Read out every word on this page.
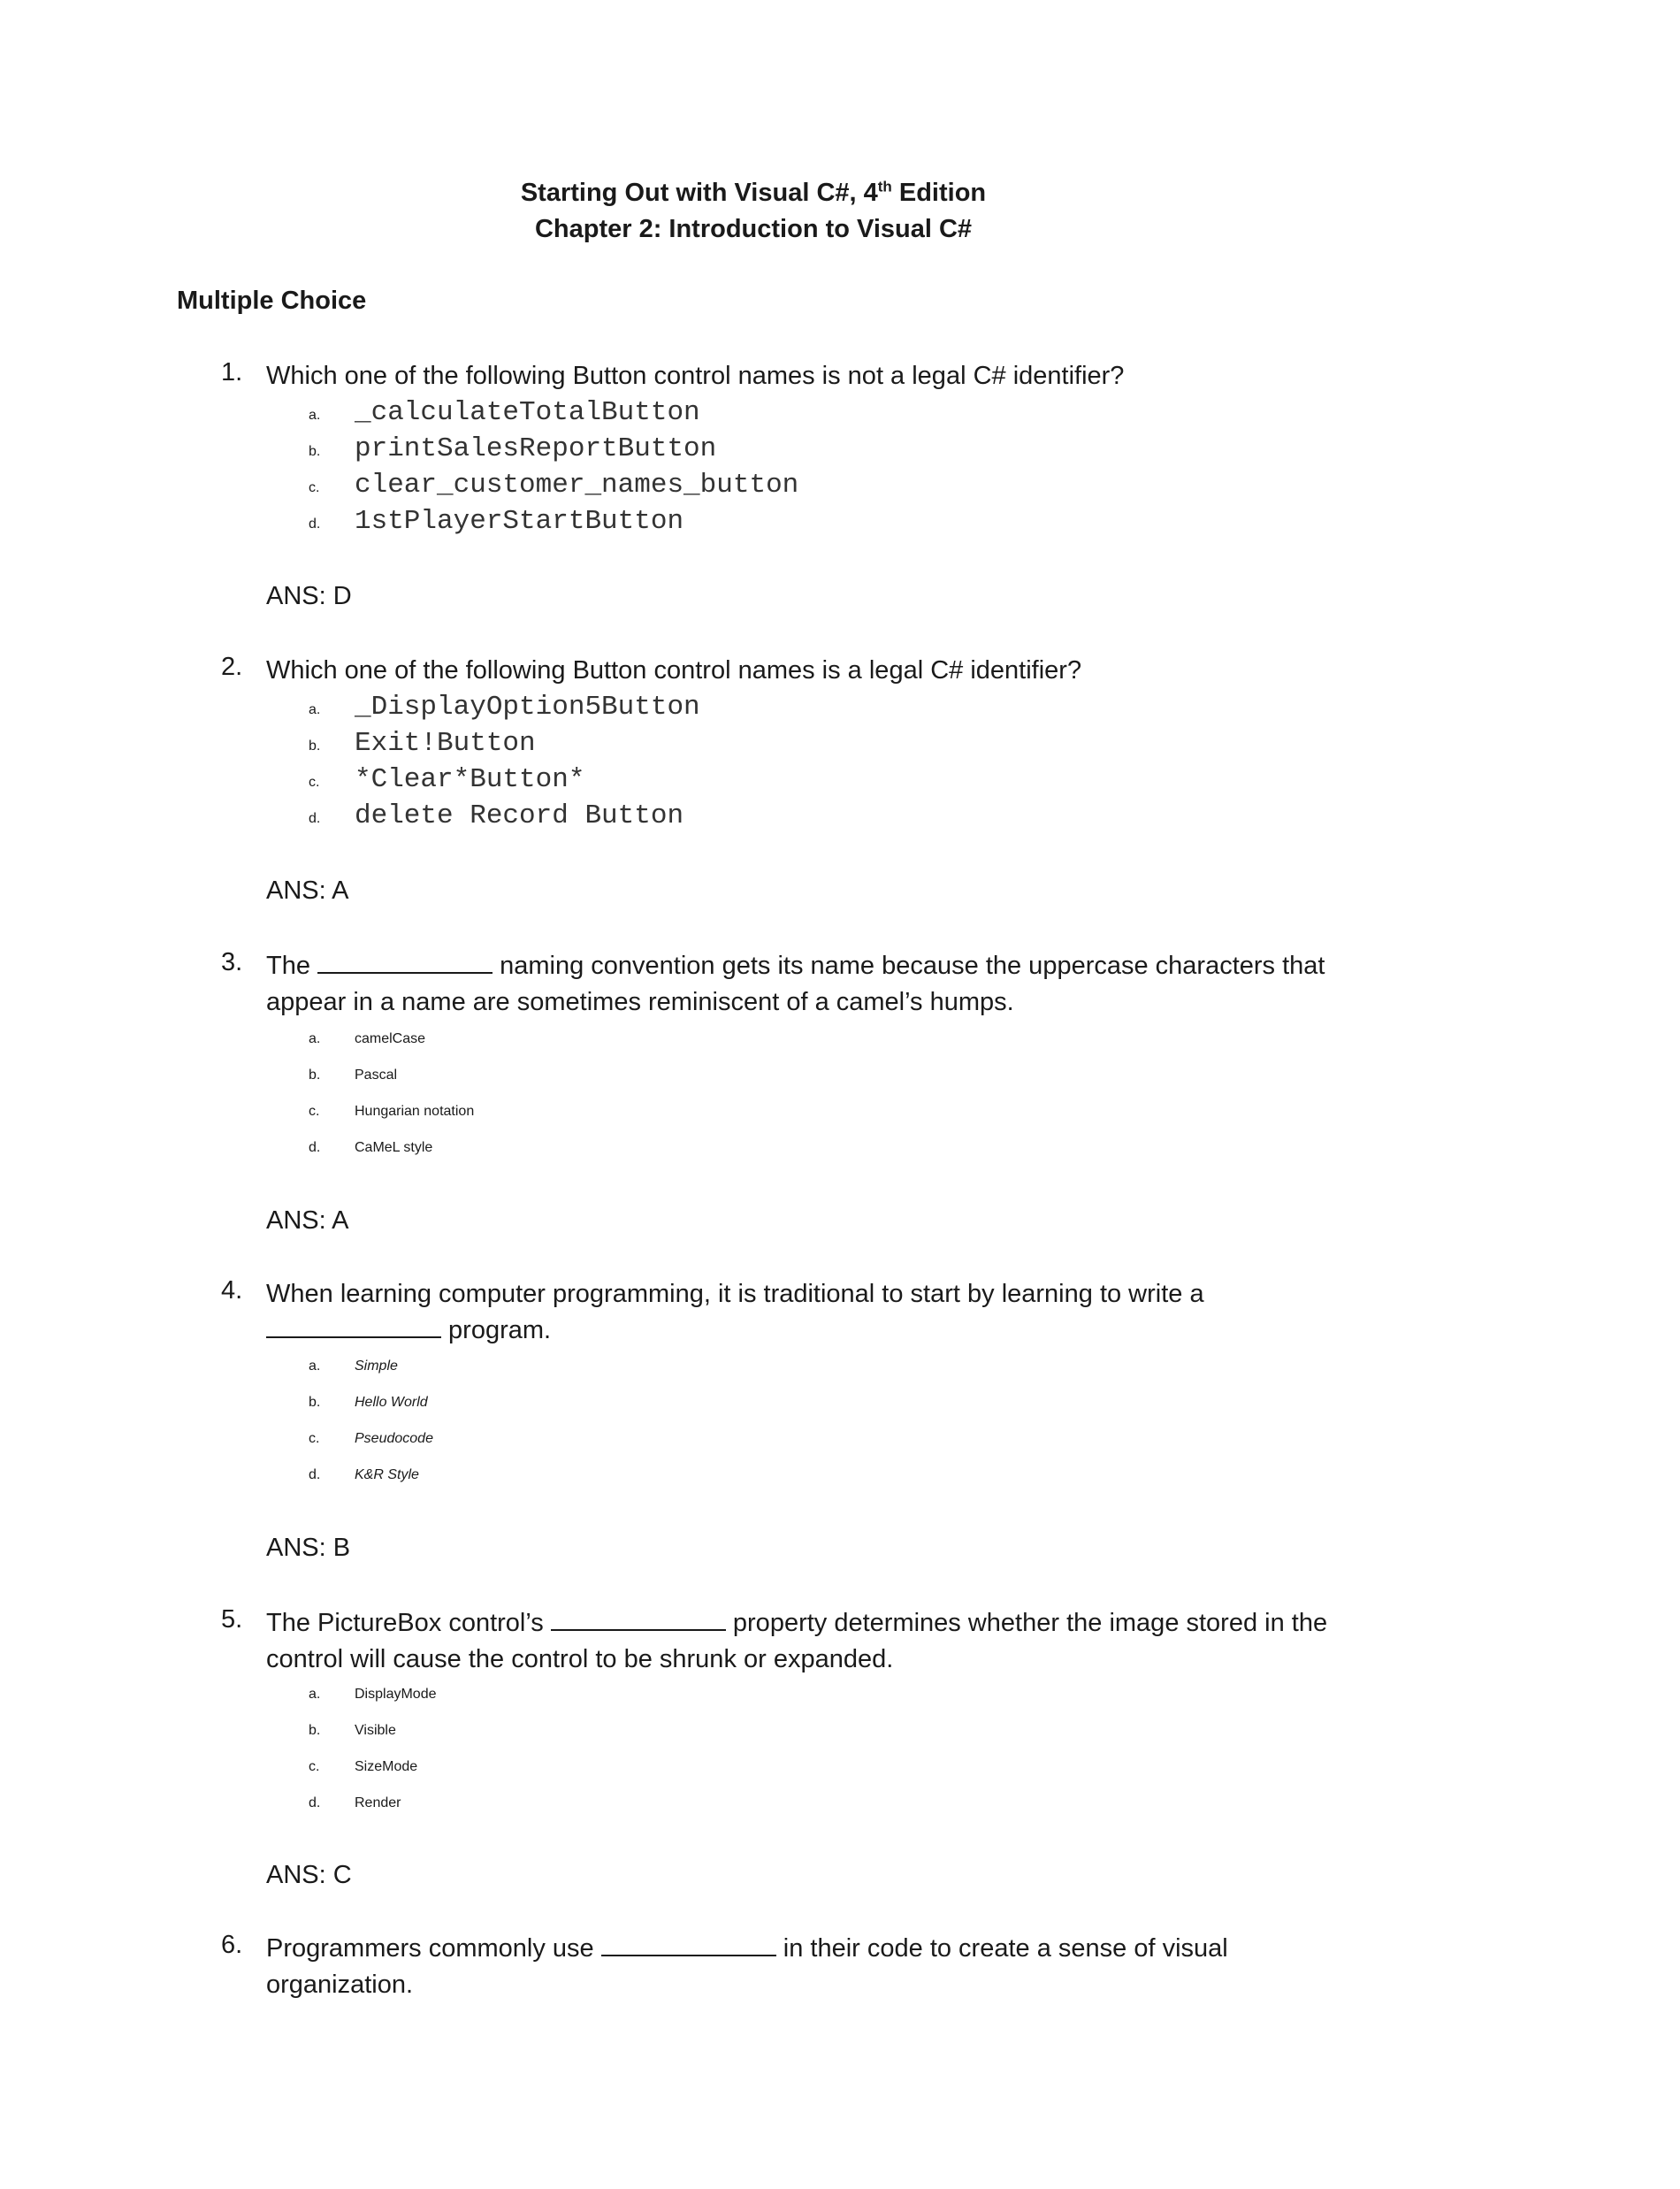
Starting Out with Visual C#, 4th Edition
Chapter 2: Introduction to Visual C#
Multiple Choice
1. Which one of the following Button control names is not a legal C# identifier?
a. _calculateTotalButton
b. printSalesReportButton
c. clear_customer_names_button
d. 1stPlayerStartButton
ANS: D
2. Which one of the following Button control names is a legal C# identifier?
a. _DisplayOption5Button
b. Exit!Button
c. *Clear*Button*
d. delete Record Button
ANS: A
3. The	naming convention gets its name because the uppercase characters that appear in a name are sometimes reminiscent of a camel’s humps.
a. camelCase
b. Pascal
c. Hungarian notation
d. CaMeL style
ANS: A
4. When learning computer programming, it is traditional to start by learning to write a  program.
a. Simple
b. Hello World
c. Pseudocode
d. K&R Style
ANS: B
5. The PictureBox control’s	property determines whether the image stored in the control will cause the control to be shrunk or expanded.
a. DisplayMode
b. Visible
c. SizeMode
d. Render
ANS: C
6. Programmers commonly use	in their code to create a sense of visual organization.
